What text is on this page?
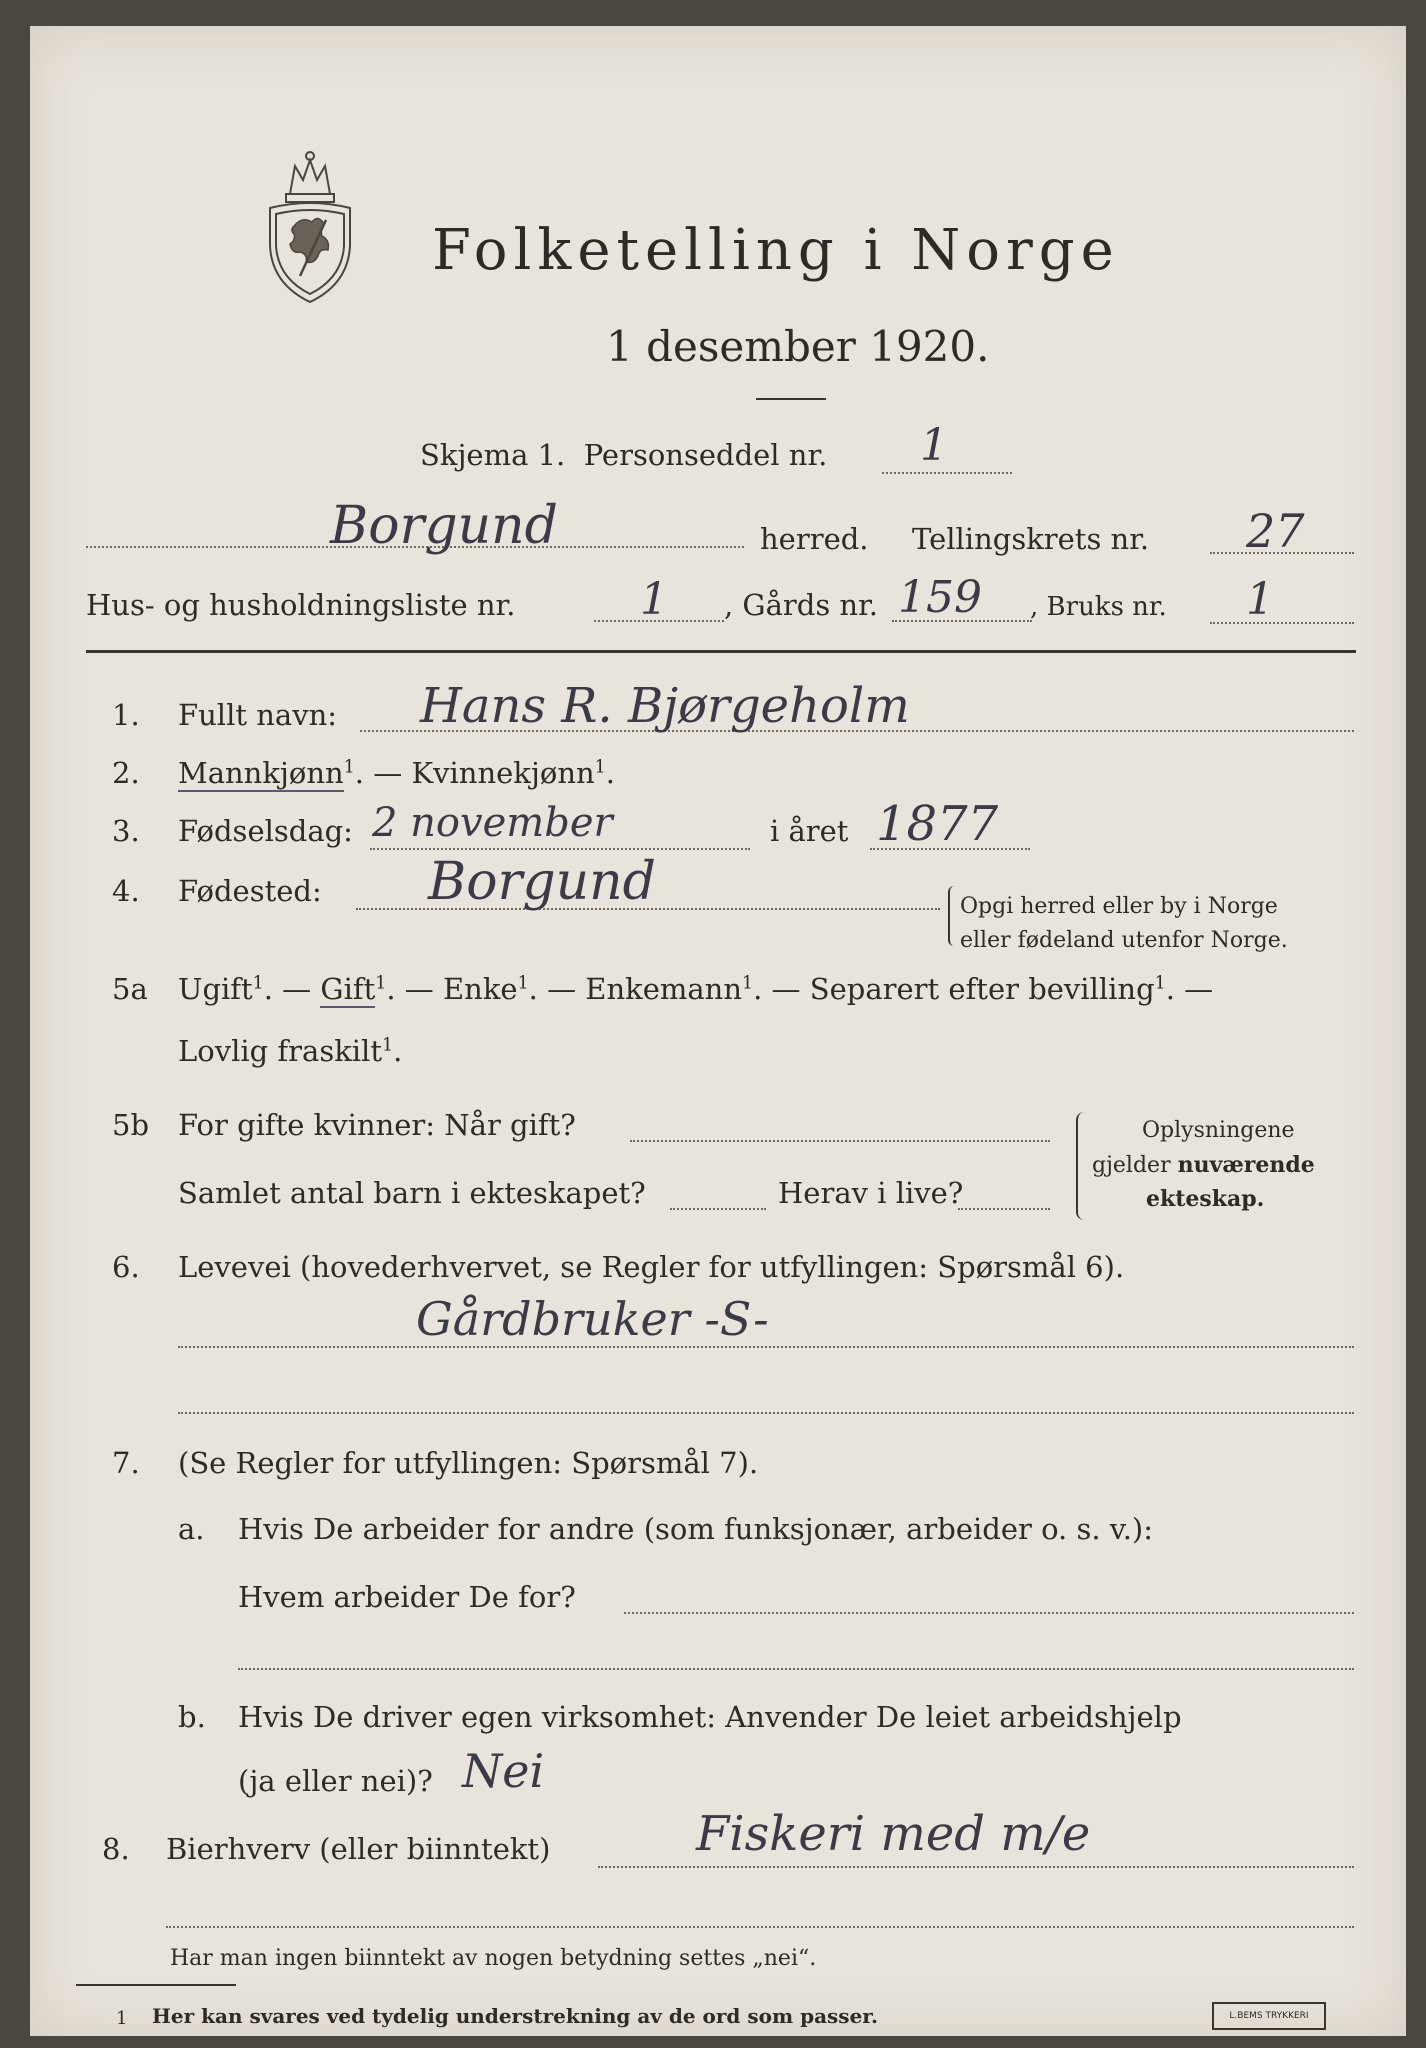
Folketelling i Norge
1 desember 1920.
Skjema 1. Personseddel nr. 1
Borgund	herred. Tellingskrets nr. 27
Hus- og husholdningsliste nr.	1 , Gårds nr. 159 , Bruks nr. 1
1. Fullt navn: Hans R. Bjørgeholm
2. Mannkjønn$^1$. — Kvinnekjønn$^1$.
3. Fødselsdag: 2 november	i året 1877
4. Fødested: Borgund	Opgi herred eller by i Norge
eller fødeland utenfor Norge.
5a Ugift$^1$. — Gift$^1$. — Enke$^1$. — Enkemann$^1$. — Separert efter bevilling$^1$. —
Lovlig fraskilt$^1$.
5b For gifte kvinner: Når gift?
Samlet antal barn i ekteskapet?	Herav i live?
Oplysningene
gjelder nuværende
ekteskap.
6. Levevei (hovederhvervet, se Regler for utfyllingen: Spørsmål 6).
Gårdbruker -S-
7. (Se Regler for utfyllingen: Spørsmål 7).
a. Hvis De arbeider for andre (som funksjonær, arbeider o. s. v.):
Hvem arbeider De for?
b. Hvis De driver egen virksomhet: Anvender De leiet arbeidshjelp
(ja eller nei)? Nei
8. Bierhverv (eller biinntekt)	Fiskeri med m/e
Har man ingen biinntekt av nogen betydning settes „nei“.
1 Her kan svares ved tydelig understrekning av de ord som passer.	L.BEMS TRYKKERI
